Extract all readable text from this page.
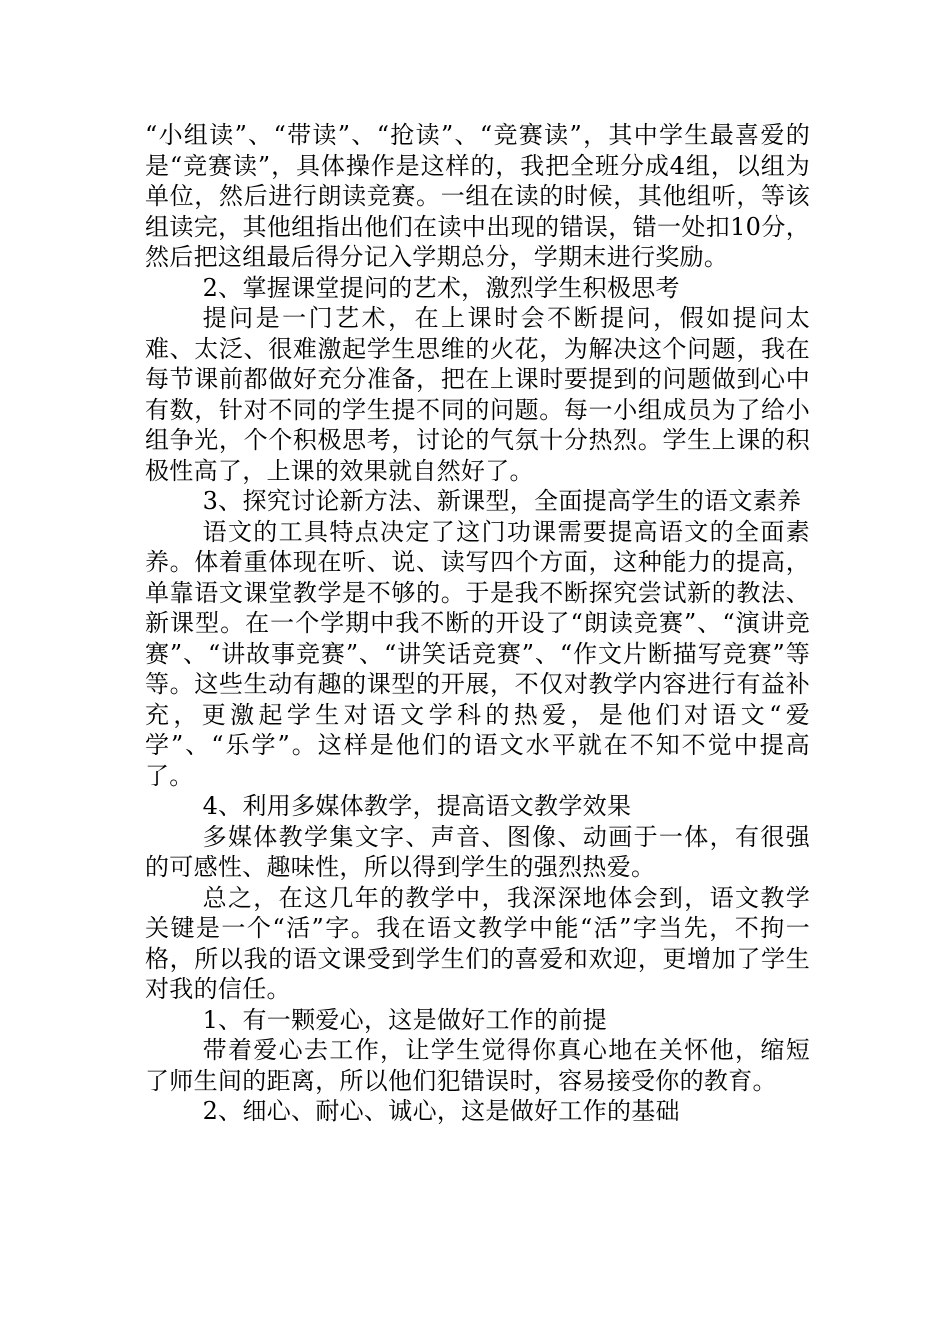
“小组读”、“带读”、“抢读”、“竞赛读”，其中学生最喜爱的是“竞赛读”，具体操作是这样的，我把全班分成4组，以组为单位，然后进行朗读竞赛。一组在读的时候，其他组听，等该组读完，其他组指出他们在读中出现的错误，错一处扣10分，然后把这组最后得分记入学期总分，学期末进行奖励。

2、掌握课堂提问的艺术，激烈学生积极思考

提问是一门艺术，在上课时会不断提问，假如提问太难、太泛、很难激起学生思维的火花，为解决这个问题，我在每节课前都做好充分准备，把在上课时要提到的问题做到心中有数，针对不同的学生提不同的问题。每一小组成员为了给小组争光，个个积极思考，讨论的气氛十分热烈。学生上课的积极性高了，上课的效果就自然好了。

3、探究讨论新方法、新课型，全面提高学生的语文素养

语文的工具特点决定了这门功课需要提高语文的全面素养。体着重体现在听、说、读写四个方面，这种能力的提高，单靠语文课堂教学是不够的。于是我不断探究尝试新的教法、新课型。在一个学期中我不断的开设了“朗读竞赛”、“演讲竞赛”、“讲故事竞赛”、“讲笑话竞赛”、“作文片断描写竞赛”等等。这些生动有趣的课型的开展，不仅对教学内容进行有益补充，更激起学生对语文学科的热爱，是他们对语文“爱学”、“乐学”。这样是他们的语文水平就在不知不觉中提高了。

4、利用多媒体教学，提高语文教学效果

多媒体教学集文字、声音、图像、动画于一体，有很强的可感性、趣味性，所以得到学生的强烈热爱。

总之，在这几年的教学中，我深深地体会到，语文教学关键是一个“活”字。我在语文教学中能“活”字当先，不拘一格，所以我的语文课受到学生们的喜爱和欢迎，更增加了学生对我的信任。

1、有一颗爱心，这是做好工作的前提

带着爱心去工作，让学生觉得你真心地在关怀他，缩短了师生间的距离，所以他们犯错误时，容易接受你的教育。

2、细心、耐心、诚心，这是做好工作的基础
